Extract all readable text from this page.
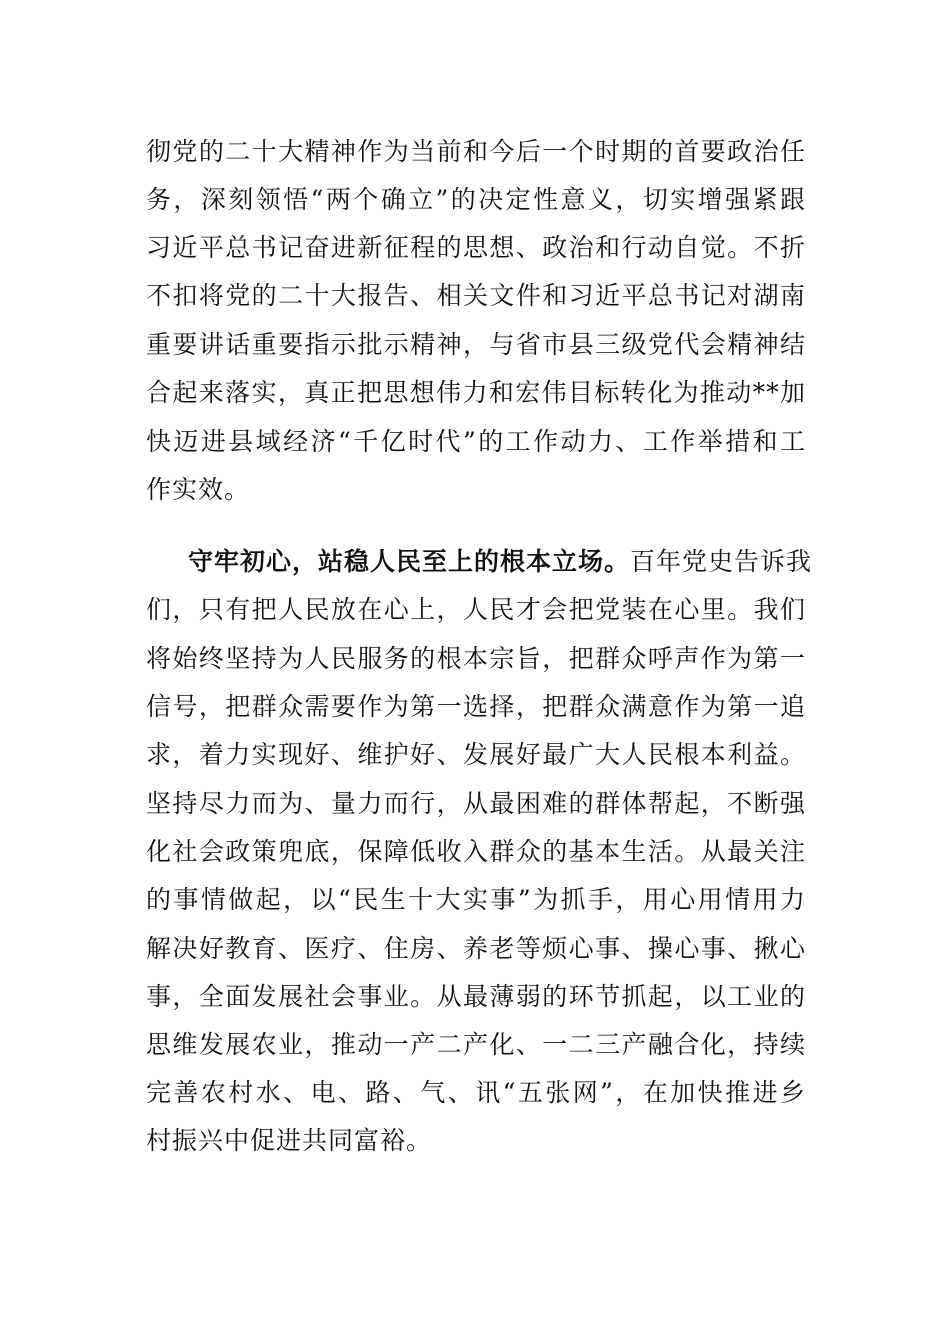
彻党的二十大精神作为当前和今后一个时期的首要政治任
务，深刻领悟“两个确立”的决定性意义，切实增强紧跟
习近平总书记奋进新征程的思想、政治和行动自觉。不折
不扣将党的二十大报告、相关文件和习近平总书记对湖南
重要讲话重要指示批示精神，与省市县三级党代会精神结
合起来落实，真正把思想伟力和宏伟目标转化为推动**加
快迈进县域经济“千亿时代”的工作动力、工作举措和工
作实效。
守牢初心，站稳人民至上的根本立场。百年党史告诉我
们，只有把人民放在心上，人民才会把党装在心里。我们
将始终坚持为人民服务的根本宗旨，把群众呼声作为第一
信号，把群众需要作为第一选择，把群众满意作为第一追
求，着力实现好、维护好、发展好最广大人民根本利益。
坚持尽力而为、量力而行，从最困难的群体帮起，不断强
化社会政策兜底，保障低收入群众的基本生活。从最关注
的事情做起，以“民生十大实事”为抓手，用心用情用力
解决好教育、医疗、住房、养老等烦心事、操心事、揪心
事，全面发展社会事业。从最薄弱的环节抓起，以工业的
思维发展农业，推动一产二产化、一二三产融合化，持续
完善农村水、电、路、气、讯“五张网”，在加快推进乡
村振兴中促进共同富裕。
